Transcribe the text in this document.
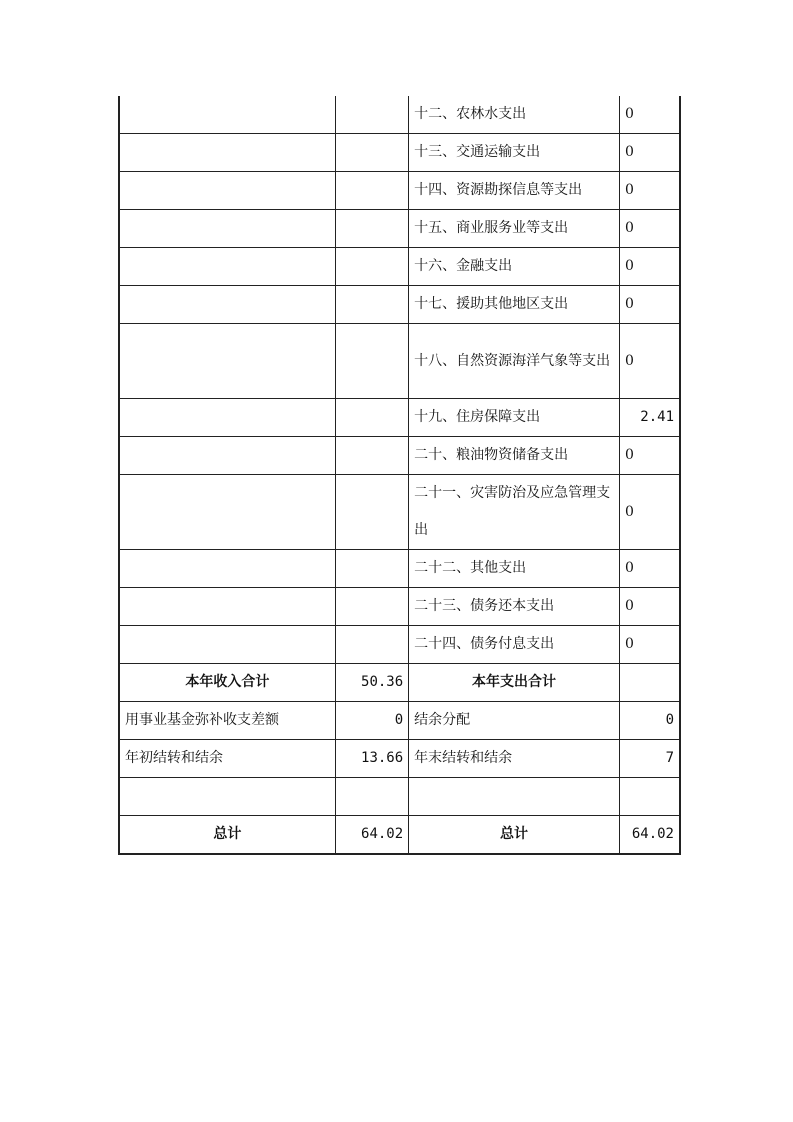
		十二、农林水支出	0
		十三、交通运输支出	0
		十四、资源勘探信息等支出	0
		十五、商业服务业等支出	0
		十六、金融支出	0
		十七、援助其他地区支出	0
		十八、自然资源海洋气象等支出	0
		十九、住房保障支出	2.41
		二十、粮油物资储备支出	0
		二十一、灾害防治及应急管理支出	0
		二十二、其他支出	0
		二十三、债务还本支出	0
		二十四、债务付息支出	0
本年收入合计	50.36	本年支出合计	
用事业基金弥补收支差额	0	结余分配	0
年初结转和结余	13.66	年末结转和结余	7

总计	64.02	总计	64.02
